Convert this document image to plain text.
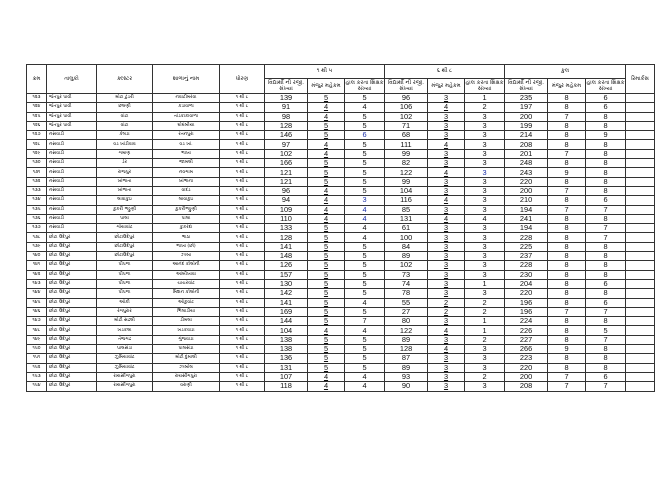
ક્રમ	તાલુકો	ક્લ્સ્ટર	શાળાનું નામ	ધોરણ	૧ થી ૫			૬ થી ૮			કુલ			રિમાર્કસ
					વિદ્યાર્થી ની રજી. સંખ્યા	મંજુર મહેકમ	હાલ કરતા શિક્ષક સંખ્યા	વિદ્યાર્થી ની રજી. સંખ્યા	મંજુર મહેકમ	હાલ કરતા શિક્ષક સંખ્યા	વિદ્યાર્થી ની રજી. સંખ્યા	મંજુર મહેકમ	હાલ કરતા શિક્ષક સંખ્યા	
૧૨૩	જેતપુર પાવી	મોટા ટુંડરી	નવાટીમરવા	૧ થી ૮	139	5	5	96	3	1	235	8	6	
૧૨૪	જેતપુર પાવી	છલણી	કડાવાળા	૧ થી ૮	91	4	4	106	4	2	197	8	6	
૧૨૫	જેતપુર પાવી	વાંટા	તાંડકાકાવાળા	૧ થી ૮	98	4	5	102	3	3	200	7	8	
૧૨૬	જેતપુર પાવી	વાંટા	ઘોઘંબીયા	૧ થી ૮	128	5	5	71	3	3	199	8	8	
૧૨૭	નસવાડી	કેલડા	રતનપુરા	૧ થી ૮	146	5	6	68	3	3	214	8	9	
૧૨૮	નસવાડી	વડ ખાંડીવાવ	વડ ખાં.	૧ થી ૮	97	4	5	111	4	3	208	8	8	
૧૨૯	નસવાડી	ગમાણ	ભાખા	૧ થી ૮	102	4	5	99	3	3	201	7	8	
૧૩૦	નસવાડી	ડેર	જામલી	૧ થી ૮	166	5	5	82	3	3	248	8	8	
૧૩૧	નસવાડી	રાજપુર	નવગામ	૧ થી ૮	121	5	5	122	4	3	243	9	8	
૧૩૨	નસવાડી	ખાંભાતા	ખાંભાના	૧ થી ૮	121	5	5	99	3	3	220	8	8	
૧૩૩	નસવાડી	ખાંભાતા	વાદડ	૧ થી ૮	96	4	5	104	3	3	200	7	8	
૧૩૪	નસવાડી	લાવાકુઇ	લાવાકુઇ	૧ થી ૮	94	4	3	116	4	3	210	8	6	
૧૩૫	નસવાડી	કુકરી ભઠ્ઠુણી	કુકરીભઠ્ઠુણી	૧ થી ૮	109	4	4	85	3	3	194	7	7	
૧૩૬	નસવાડી	પાલા	પાલા	૧ થી ૮	110	4	4	131	4	4	241	8	8	
૧૩૭	નસવાડી	ગોયાવાંટ	કુકરદા	૧ થી ૮	133	5	4	61	3	3	194	8	7	
૧૩૮	છોટા ઉદેપુર	છોટાઉદેપુર	ભાઠા	૧ થી ૮	128	5	4	100	3	3	228	8	7	
૧૩૯	છોટા ઉદેપુર	છોટાઉદેપુર	ભાખા (છો)	૧ થી ૮	141	5	5	84	3	3	225	8	8	
૧૪૦	છોટા ઉદેપુર	છોટાઉદેપુર	ઝાબા	૧ થી ૮	148	5	5	89	3	3	237	8	8	
૧૪૧	છોટા ઉદેપુર	પીપળા	આનંદ કોલોની	૧ થી ૮	126	5	5	102	3	3	228	8	8	
૧૪૨	છોટા ઉદેપુર	પીપળા	આંબીખાવા	૧ થી ૮	157	5	5	73	3	3	230	8	8	
૧૪૩	છોટા ઉદેપુર	પીપળા	ચાચરવાંટ	૧ થી ૮	130	5	5	74	3	1	204	8	6	
૧૪૪	છોટા ઉદેપુર	પીપળા	મિશન કોલોની	૧ થી ૮	142	5	5	78	3	3	220	8	8	
૧૪૫	છોટા ઉદેપુર	ઓકી	ઓકુવાંટ	૧ થી ૮	141	5	4	55	2	2	196	8	6	
૧૪૬	છોટા ઉદેપુર	રંગપુરાર	ભિલાડીયા	૧ થી ૮	169	5	5	27	2	2	196	7	7	
૧૪૭	છોટા ઉદેપુર	મોટી સઢલી	ડીમલા	૧ થી ૮	144	5	7	80	3	1	224	8	8	
૧૪૮	છોટા ઉદેપુર	ખડકલા	ખડકવાડા	૧ થી ૮	104	4	4	122	4	1	226	8	5	
૧૪૯	છોટા ઉદેપુર	તેજગઢ	ગુંજવાડા	૧ થી ૮	138	5	5	89	3	2	227	8	7	
૧૫૦	છોટા ઉદેપુર	પાલસંડા	પાલસંડા	૧ થી ૮	138	5	5	128	4	3	266	9	8	
૧૫૧	છોટા ઉદેપુર	ઝુમિયાવાંટ	મોટી દુમાલી	૧ થી ૮	136	5	5	87	3	3	223	8	8	
૧૫૨	છોટા ઉદેપુર	ઝુમિયાવાંટ	ઝાબોલ	૧ થી ૮	131	5	5	89	3	3	220	8	8	
૧૫૩	છોટા ઉદેપુર	રાયસીંગપુરા	રાયસીંગપુરા	૧ થી ૮	107	4	4	93	3	2	200	7	6	
૧૫૪	છોટા ઉદેપુર	રાયસીંગપુરા	વરાણી	૧ થી ૮	118	4	4	90	3	3	208	7	7	
